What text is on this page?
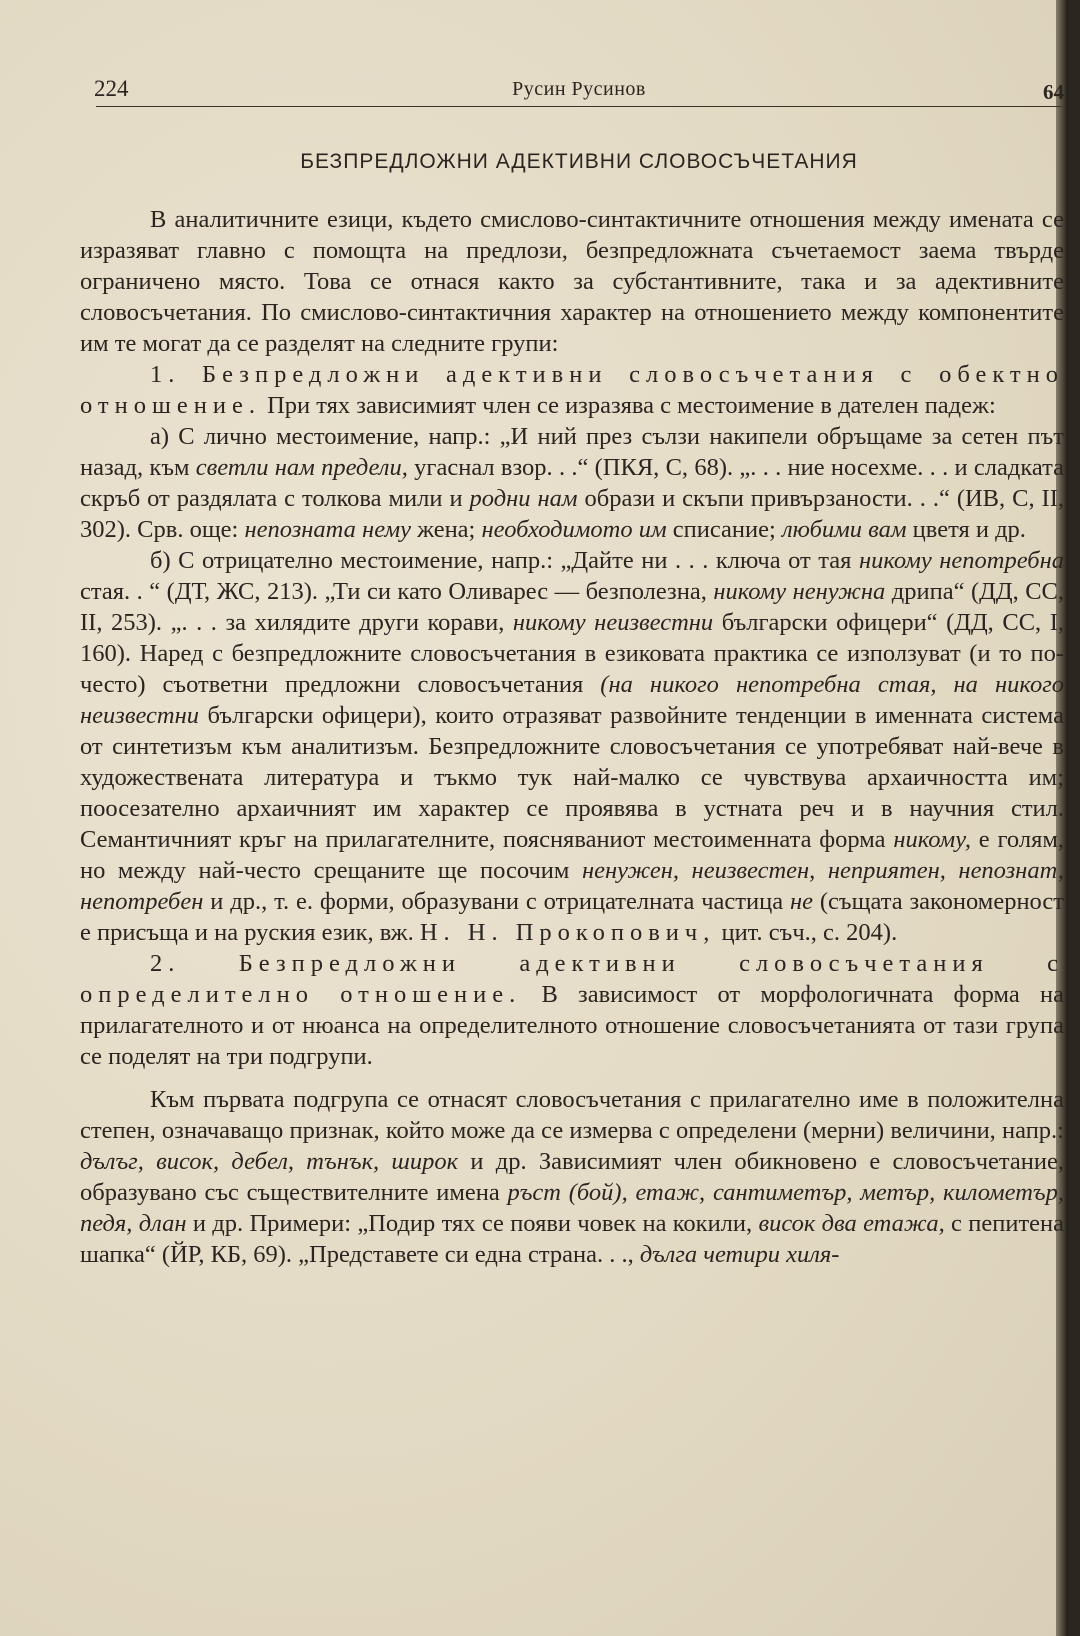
224	Русин Русинов	64
БЕЗПРЕДЛОЖНИ АДЕКТИВНИ СЛОВОСЪЧЕТАНИЯ

В аналитичните езици, където смислово-синтактичните отношения между имената се изразяват главно с помощта на предлози, безпредложната съчетаемост заема твърде ограничено място. Това се отнася както за субстантивните, така и за адективните словосъчетания. По смислово-синтактичния характер на отношението между компонентите им те могат да се разделят на следните групи:

1. Безпредложни адективни словосъчетания с обектно отношение. При тях зависимият член се изразява с местоимение в дателен падеж:

а) С лично местоимение, напр.: „И ний през сълзи накипели обръщаме за сетен път назад, към светли нам предели, угаснал взор. . .“ (ПКЯ, С, 68). „. . . ние носехме. . . и сладката скръб от раздялата с толкова мили и родни нам образи и скъпи привързаности. . .“ (ИВ, С, II, 302). Срв. още: непозната нему жена; необходимото им списание; любими вам цветя и др.

б) С отрицателно местоимение, напр.: „Дайте ни . . . ключа от тая никому непотребна стая. . “ (ДТ, ЖС, 213). „Ти си като Оливарес — безполезна, никому ненужна дрипа“ (ДД, СС, II, 253). „. . . за хилядите други корави, никому неизвестни български офицери“ (ДД, СС, I, 160). Наред с безпредложните словосъчетания в езиковата практика се използуват (и то по-често) съответни предложни словосъчетания (на никого непотребна стая, на никого неизвестни български офицери), които отразяват развойните тенденции в именната система от синтетизъм към аналитизъм. Безпредложните словосъчетания се употребяват най-вече в художествената литература и тъкмо тук най-малко се чувствува архаичността им; поосезателно архаичният им характер се проявява в устната реч и в научния стил. Семантичният кръг на прилагателните, поясняваниот местоименната форма никому, е голям, но между най-често срещаните ще посочим ненужен, неизвестен, неприятен, непознат, непотребен и др., т. е. форми, образувани с отрицателната частица не (същата закономерност е присъща и на руския език, вж. Н. Н. Прокопович, цит. съч., с. 204).

2. Безпредложни адективни словосъчетания с определително отношение. В зависимост от морфологичната форма на прилагателното и от нюанса на определителното отношение словосъчетанията от тази група се поделят на три подгрупи.

Към първата подгрупа се отнасят словосъчетания с прилагателно име в положителна степен, означаващо признак, който може да се измерва с определени (мерни) величини, напр.: дълъг, висок, дебел, тънък, широк и др. Зависимият член обикновено е словосъчетание, образувано със съществителните имена ръст (бой), етаж, сантиметър, метър, километър, педя, длан и др. Примери: „Подир тях се появи човек на кокили, висок два етажа, с пепитена шапка“ (ЙР, КБ, 69). „Представете си една страна. . ., дълга четири хиля-
